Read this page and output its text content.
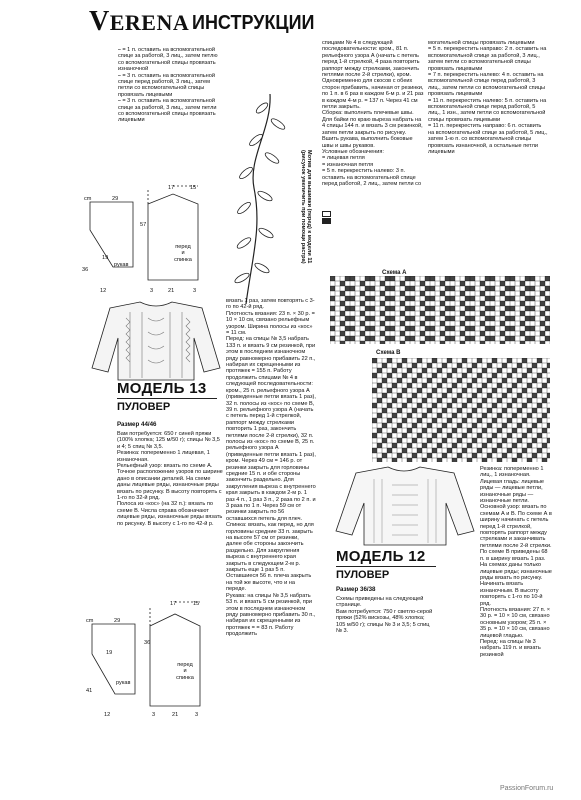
VERENA ИНСТРУКЦИИ
⎯ = 1 п. оставить на вспомогательной спице за работой, 3 лиц., затем петлю со вспомогательной спицы провязать изнаночной
⎯ = 3 п. оставить на вспомогательной спице перед работой, 3 лиц., затем петли со вспомогательной спицы провязать лицевыми
⎯ = 3 п. оставить на вспомогательной спице за работой, 3 лиц., затем петли со вспомогательной спицы провязать лицевыми
cm	29
17	15
36
57
19
12	3	21	3
рукав
перед
и
спинка
Мотив для вышивки (перед) к модели 11
(рисунок увеличить при помощи растра)
МОДЕЛЬ 13
ПУЛОВЕР
Размер 44/46
Вам потребуется: 650 г синей пряжи (100% хлопка; 125 м/50 г); спицы № 3,5 и 4; 5 спиц № 3,5.
Резинка: попеременно 1 лицевая, 1 изнаночная.
Рельефный узор: вязать по схеме А. Точное расположение узоров по ширине дано в описании деталей. На схеме даны лицевые ряды, изнаночные ряды вязать по рисунку. В высоту повторять с 1-го по 32-й ряд.
Полоса из «кос» (на 32 п.): вязать по схеме В. Числа справа обозначают лицевые ряды, изнаночные ряды вязать по рисунку. В высоту с 1-го по 42-й р.
cm	29
17	15
19
36
41
12	3	21	3
рукав
перед
и
спинка
вязать 1 раз, затем повторять с 3-го по 42-й ряд.
Плотность вязания: 23 п. × 30 р. = 10 × 10 см, связано рельефным узором. Ширина полосы из «кос» = 11 см.
Перед: на спицы № 3,5 набрать 133 п. и вязать 9 см резинкой, при этом в последнем изнаночном ряду равномерно прибавить 22 п., набирая их скрещенными из протяжек = 155 п. Работу продолжить спицами № 4 в следующей последовательности: кром., 25 п. рельефного узора А (приведенные петли вязать 1 раз), 32 п. полосы из «кос» по схеме В, 39 п. рельефного узора А (начать с петель перед 1-й стрелкой, раппорт между стрелками повторить 1 раз, закончить петлями после 2-й стрелки), 32 п. полосы из «кос» по схеме В, 25 п. рельефного узора А (приведенные петли вязать 1 раз), кром. Через 49 см = 146 р. от резинки закрыть для горловины средние 15 п. и обе стороны закончить раздельно. Для закругления выреза с внутреннего края закрыть в каждом 2-м р. 1 раз 4 п., 1 раз 3 п., 2 раза по 2 п. и 3 раза по 1 п. Через 59 см от резинки закрыть по 56 оставшихся петель для плеч.
Спинка: вязать, как перед, но для горловины средние 33 п. закрыть на высоте 57 см от резинки, далее обе стороны закончить раздельно. Для закругления выреза с внутреннего края закрыть в следующем 2-м р. закрыть еще 1 раз 5 п. Оставшиеся 56 п. плеча закрыть на той же высоте, что и на переде.
Рукава: на спицы № 3,5 набрать 53 п. и вязать 5 см резинкой, при этом в последнем изнаночном ряду равномерно прибавить 30 п., набирая их скрещенными из протяжек = = 83 п. Работу продолжить
спицами № 4 в следующей последовательности: кром., 81 п. рельефного узора А (начать с петель перед 1-й стрелкой, 4 раза повторить раппорт между стрелками, закончить петлями после 2-й стрелки), кром. Одновременно для скосов с обеих сторон прибавить, начиная от резинки, по 1 п. в 6 раз в каждом 6-м р. и 21 раз в каждом 4-м р. = 137 п. Через 41 см петли закрыть.
Сборка: выполнить плечевые швы. Для байки по краю выреза набрать на 4 спицы 144 п. и вязать 3 см резинкой, затем петли закрыть по рисунку. Вшить рукава, выполнить боковые швы и швы рукавов.
Условные обозначения:
= лицевая петля
= изнаночная петля
= 5 п. перекрестить налево: 3 п. оставить на вспомогательной спице перед работой, 2 лиц., затем петли со
могательной спицы провязать лицевыми
= 5 п. перекрестить направо: 2 п. оставить на вспомогательной спице за работой, 3 лиц., затем петли со вспомогательной спицы провязать лицевыми
= 7 п. перекрестить налево: 4 п. оставить на вспомогательной спице перед работой, 3 лиц., затем петли со вспомогательной спицы провязать лицевыми
= 11 п. перекрестить налево: 5 п. оставить на вспомогательной спице перед работой, 5 лиц., 1 изн., затем петли со вспомогательной спицы провязать лицевыми
= 11 п. перекрестить направо: 6 п. оставить на вспомогательной спице за работой, 5 лиц., затем 1-ю п. со вспомогательной спицы провязать изнаночной, а остальные петли лицевыми
Схема А
Схема В
МОДЕЛЬ 12
ПУЛОВЕР
Размер 36/38
Схемы приведены на следующей странице.
Вам потребуется: 750 г светло-серой пряжи (52% вискозы, 48% хлопка; 105 м/50 г); спицы № 3 и 3,5; 5 спиц № 3.
Резинка: попеременно 1 лиц., 1 изнаночная.
Лицевая гладь: лицевые ряды — лицевые петли, изнаночные ряды — изнаночные петли.
Основной узор: вязать по схемам А и В. По схеме А в ширину начинать с петель перед 1-й стрелкой, повторять раппорт между стрелками и заканчивать петлями после 2-й стрелки. По схеме В приведены 68 п. в ширину вязать 1 раз. На схемах даны только лицевые ряды; изнаночные ряды вязать по рисунку. Начинать вязать изнаночным. В высоту повторять с 1-го по 10-й ряд.
Плотность вязания: 27 п. × 30 р. = 10 × 10 см, связано основным узором; 25 п. × 35 р. = 10 × 10 см, связано лицевой гладью.
Перед: на спицы № 3 набрать 119 п. и вязать резинкой
PassionForum.ru
